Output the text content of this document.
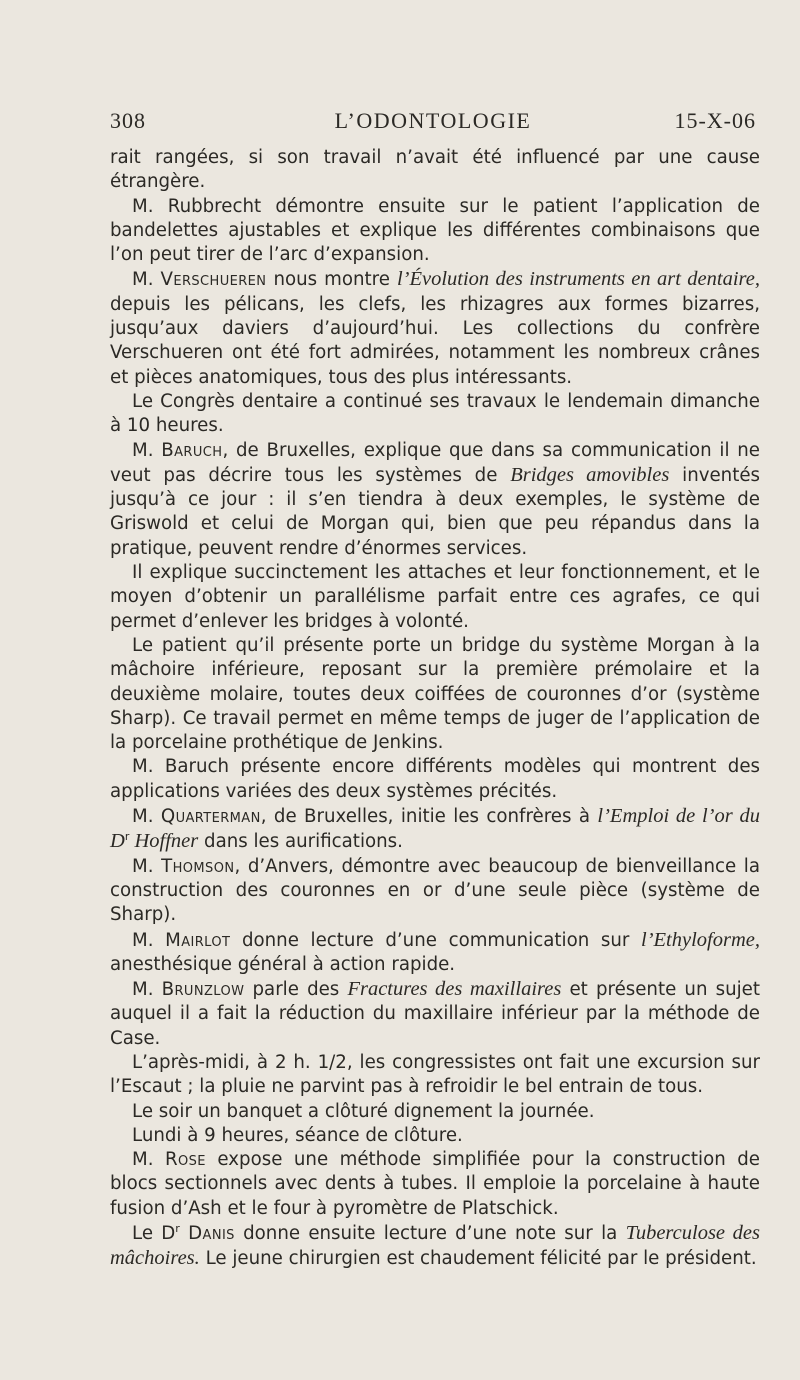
308	L’ODONTOLOGIE	15-X-06

rait rangées, si son travail n’avait été influencé par une cause étrangère.

M. Rubbrecht démontre ensuite sur le patient l’application de bandelettes ajustables et explique les différentes combinaisons que l’on peut tirer de l’arc d’expansion.

M. Verschueren nous montre l’Évolution des instruments en art dentaire, depuis les pélicans, les clefs, les rhizagres aux formes bizarres, jusqu’aux daviers d’aujourd’hui. Les collections du confrère Verschueren ont été fort admirées, notamment les nombreux crânes et pièces anatomiques, tous des plus intéressants.

Le Congrès dentaire a continué ses travaux le lendemain dimanche à 10 heures.

M. Baruch, de Bruxelles, explique que dans sa communication il ne veut pas décrire tous les systèmes de Bridges amovibles inventés jusqu’à ce jour : il s’en tiendra à deux exemples, le système de Griswold et celui de Morgan qui, bien que peu répandus dans la pratique, peuvent rendre d’énormes services.

Il explique succinctement les attaches et leur fonctionnement, et le moyen d’obtenir un parallélisme parfait entre ces agrafes, ce qui permet d’enlever les bridges à volonté.

Le patient qu’il présente porte un bridge du système Morgan à la mâchoire inférieure, reposant sur la première prémolaire et la deuxième molaire, toutes deux coiffées de couronnes d’or (système Sharp). Ce travail permet en même temps de juger de l’application de la porcelaine prothétique de Jenkins.

M. Baruch présente encore différents modèles qui montrent des applications variées des deux systèmes précités.

M. Quarterman, de Bruxelles, initie les confrères à l’Emploi de l’or du $D^r$ Hoffner dans les aurifications.

M. Thomson, d’Anvers, démontre avec beaucoup de bienveillance la construction des couronnes en or d’une seule pièce (système de Sharp).

M. Mairlot donne lecture d’une communication sur l’Ethyloforme, anesthésique général à action rapide.

M. Brunzlow parle des Fractures des maxillaires et présente un sujet auquel il a fait la réduction du maxillaire inférieur par la méthode de Case.

L’après-midi, à 2 h. 1/2, les congressistes ont fait une excursion sur l’Escaut ; la pluie ne parvint pas à refroidir le bel entrain de tous.

Le soir un banquet a clôturé dignement la journée.

Lundi à 9 heures, séance de clôture.

M. Rose expose une méthode simplifiée pour la construction de blocs sectionnels avec dents à tubes. Il emploie la porcelaine à haute fusion d’Ash et le four à pyromètre de Platschick.

Le $D^r$ Danis donne ensuite lecture d’une note sur la Tuberculose des mâchoires. Le jeune chirurgien est chaudement félicité par le président.
